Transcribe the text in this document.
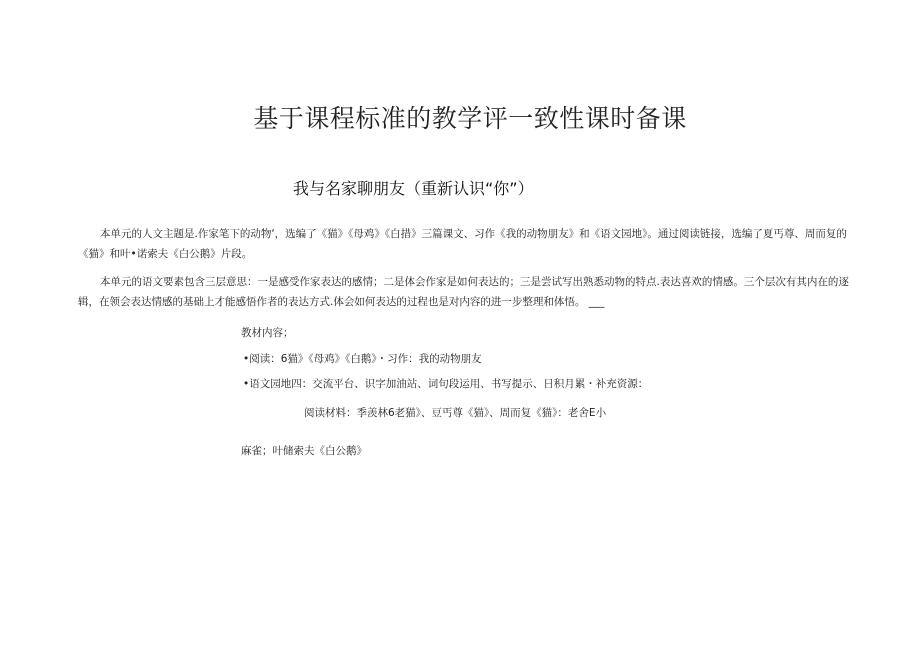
基于课程标准的教学评一致性课时备课
我与名家聊朋友（重新认识“你”）
本单元的人文主题是.作家笔下的动物‘，选编了《猫》《母鸡》《白措》三篇课文、习作《我的动物朋友》和《语文园地》。通过阅读链接，选编了夏丐尊、周而复的《猫》和叶•诺索夫《白公鹅》片段。
本单元的语文要素包含三层意思：一是感受作家表达的感情；二是体会作家是如何表达的；三是尝试写出熟悉动物的特点.表达喜欢的情感。三个层次有其内在的逐辑，在领会表达情感的基础上才能感悟作者的表达方式.体会如何表达的过程也是对内容的进一步整理和体悟。 ___
教材内容；
•阅读：6猫》《母鸡》《白鹅》・习作：我的动物朋友
•语文园地四：交流平台、识字加油站、词句段运用、书写提示、日积月累・补充资源：
阅读材料：季羡林6老猫》、豆丐尊《猫》、周而复《猫》：老舍E小
麻雀；叶储索夫《白公鹅》
